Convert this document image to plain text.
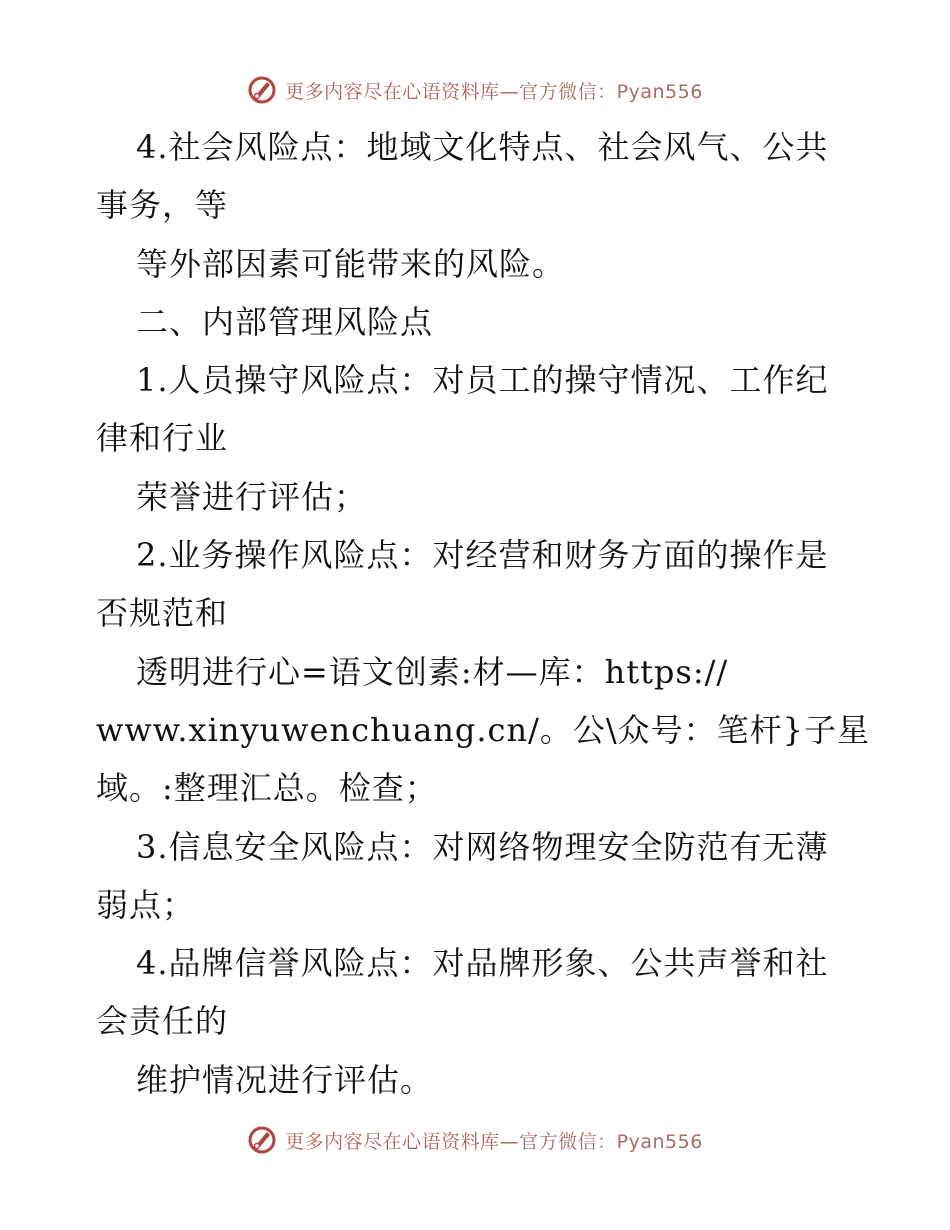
更多内容尽在心语资料库—官方微信：Pyan556
4.社会风险点：地域文化特点、社会风气、公共
事务，等
等外部因素可能带来的风险。
二、内部管理风险点
1.人员操守风险点：对员工的操守情况、工作纪
律和行业
荣誉进行评估；
2.业务操作风险点：对经营和财务方面的操作是
否规范和
透明进行心=语文创素:材—库：https://
www.xinyuwenchuang.cn/。公\众号：笔杆}子星
域。:整理汇总。检查；
3.信息安全风险点：对网络物理安全防范有无薄
弱点；
4.品牌信誉风险点：对品牌形象、公共声誉和社
会责任的
维护情况进行评估。
更多内容尽在心语资料库—官方微信：Pyan556
